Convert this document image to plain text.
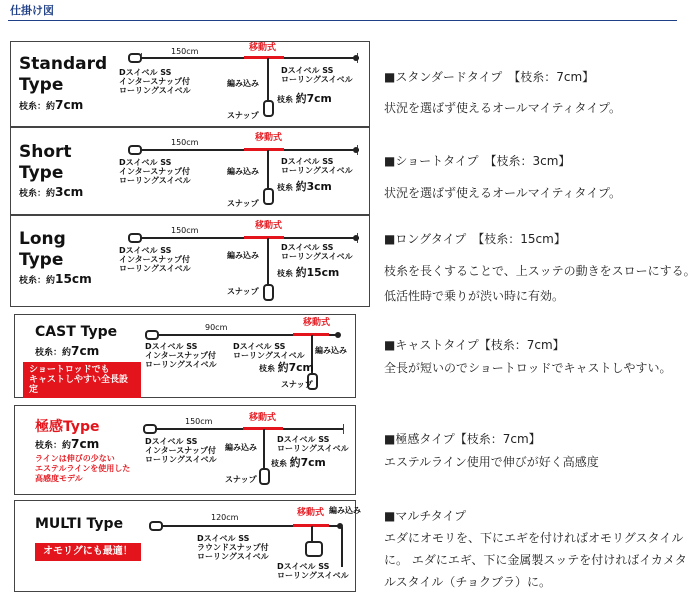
仕掛け図
Standard
Type
枝糸：約7cm
移動式
150cm
Dスイベル SS
インタースナップ付
ローリングスイベル
編み込み
Dスイベル SS
ローリングスイベル
枝糸 約7cm
スナップ
Short
Type
枝糸：約3cm
移動式
150cm
Dスイベル SS
インタースナップ付
ローリングスイベル
編み込み
Dスイベル SS
ローリングスイベル
枝糸 約3cm
スナップ
Long
Type
枝糸：約15cm
移動式
150cm
Dスイベル SS
インタースナップ付
ローリングスイベル
編み込み
Dスイベル SS
ローリングスイベル
枝糸 約15cm
スナップ
CAST Type
枝糸：約7cm
ショートロッドでも
キャストしやすい全長設定
移動式
90cm
編み込み
Dスイベル SS
インタースナップ付
ローリングスイベル
Dスイベル SS
ローリングスイベル
枝糸 約7cm
スナップ
極感Type
枝糸：約7cm
ラインは伸びの少ない
エステルラインを使用した
高感度モデル
移動式
150cm
Dスイベル SS
インタースナップ付
ローリングスイベル
編み込み
Dスイベル SS
ローリングスイベル
枝糸 約7cm
スナップ
MULTI Type
オモリグにも最適！
移動式
120cm
編み込み
Dスイベル SS
ラウンドスナップ付
ローリングスイベル
Dスイベル SS
ローリングスイベル
■スタンダードタイプ　【枝糸：7cm】
状況を選ばず使えるオールマイティタイプ。
■ショートタイプ　【枝糸：3cm】
状況を選ばず使えるオールマイティタイプ。
■ロングタイプ　【枝糸：15cm】
枝糸を長くすることで、上スッテの動きをスローにする。
低活性時で乗りが渋い時に有効。
■キャストタイプ【枝糸：7cm】
全長が短いのでショートロッドでキャストしやすい。
■極感タイプ【枝糸：7cm】
エステルライン使用で伸びが好く高感度
■マルチタイプ
エダにオモリを、下にエギを付ければオモリグスタイル
に。 エダにエギ、下に金属製スッテを付ければイカメタ
ルスタイル（チョクブラ）に。
